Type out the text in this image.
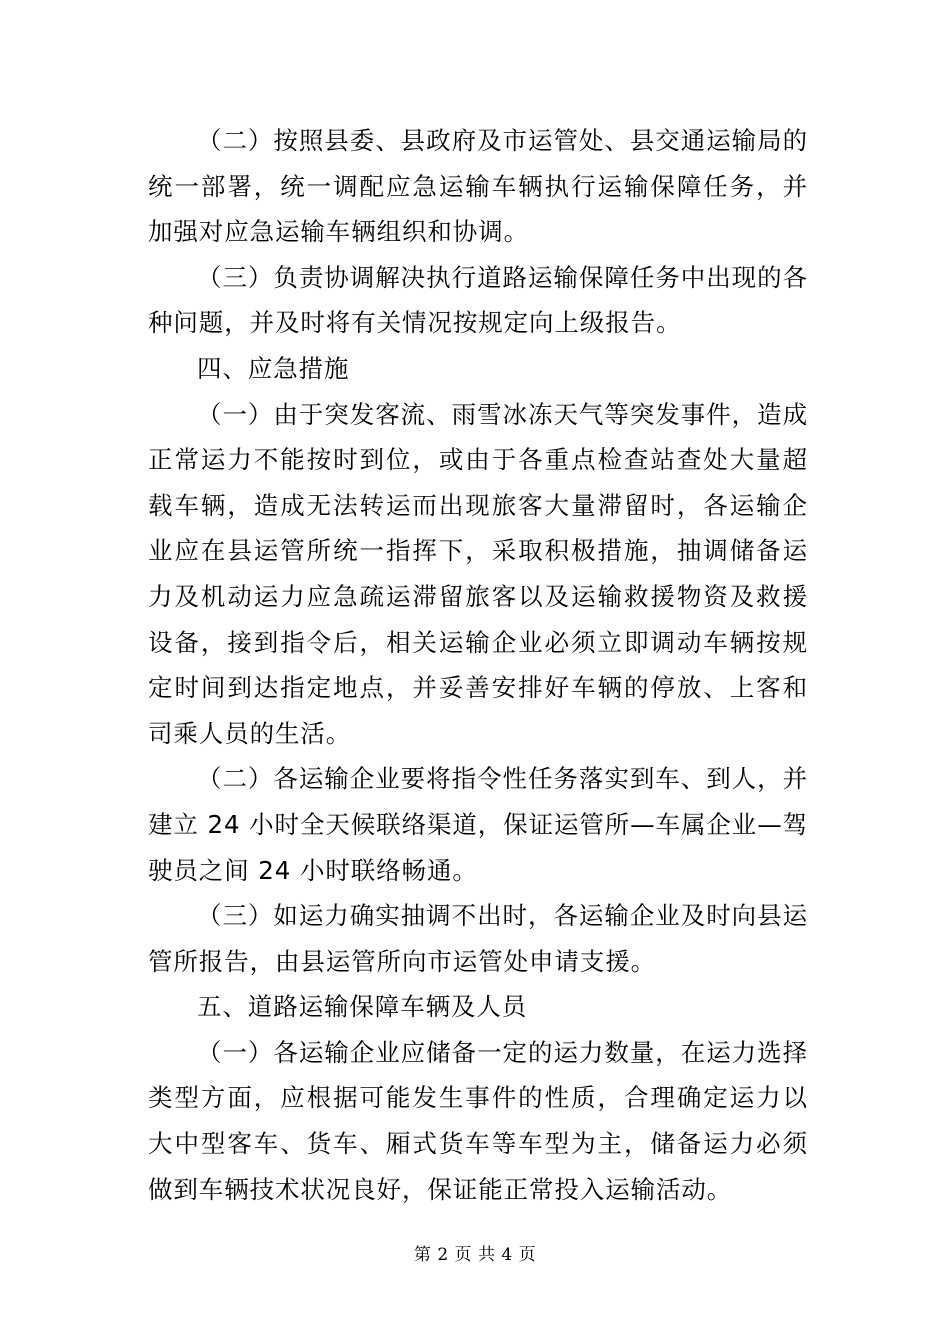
（二）按照县委、县政府及市运管处、县交通运输局的统一部署，统一调配应急运输车辆执行运输保障任务，并加强对应急运输车辆组织和协调。

（三）负责协调解决执行道路运输保障任务中出现的各种问题，并及时将有关情况按规定向上级报告。

四、应急措施

（一）由于突发客流、雨雪冰冻天气等突发事件，造成正常运力不能按时到位，或由于各重点检查站查处大量超载车辆，造成无法转运而出现旅客大量滞留时，各运输企业应在县运管所统一指挥下，采取积极措施，抽调储备运力及机动运力应急疏运滞留旅客以及运输救援物资及救援设备，接到指令后，相关运输企业必须立即调动车辆按规定时间到达指定地点，并妥善安排好车辆的停放、上客和司乘人员的生活。

（二）各运输企业要将指令性任务落实到车、到人，并建立 24 小时全天候联络渠道，保证运管所—车属企业—驾驶员之间 24 小时联络畅通。

（三）如运力确实抽调不出时，各运输企业及时向县运管所报告，由县运管所向市运管处申请支援。

五、道路运输保障车辆及人员

（一）各运输企业应储备一定的运力数量，在运力选择类型方面，应根据可能发生事件的性质，合理确定运力以大中型客车、货车、厢式货车等车型为主，储备运力必须做到车辆技术状况良好，保证能正常投入运输活动。

第 2 页 共 4 页
